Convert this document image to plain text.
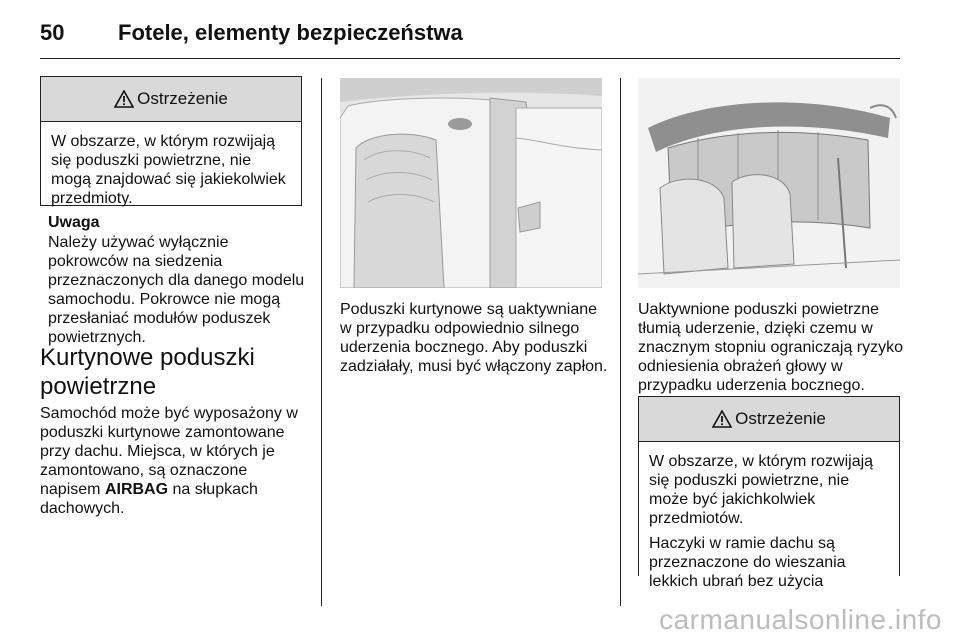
50 Fotele, elementy bezpieczeństwa
Ostrzeżenie

W obszarze, w którym rozwijają się poduszki powietrzne, nie mogą znajdować się jakiekolwiek przedmioty.

Uwaga
Należy używać wyłącznie pokrowców na siedzenia przeznaczonych dla danego modelu samochodu. Pokrowce nie mogą przesłaniać modułów poduszek powietrznych.
Kurtynowe poduszki powietrzne
Samochód może być wyposażony w poduszki kurtynowe zamontowane przy dachu. Miejsca, w których je zamontowano, są oznaczone napisem AIRBAG na słupkach dachowych.
Poduszki kurtynowe są uaktywniane w przypadku odpowiednio silnego uderzenia bocznego. Aby poduszki zadziałały, musi być włączony zapłon.
Uaktywnione poduszki powietrzne tłumią uderzenie, dzięki czemu w znacznym stopniu ograniczają ryzyko odniesienia obrażeń głowy w przypadku uderzenia bocznego.
Ostrzeżenie

W obszarze, w którym rozwijają się poduszki powietrzne, nie może być jakichkolwiek przedmiotów.

Haczyki w ramie dachu są przeznaczone do wieszania lekkich ubrań bez użycia

carmanualsonline.info
